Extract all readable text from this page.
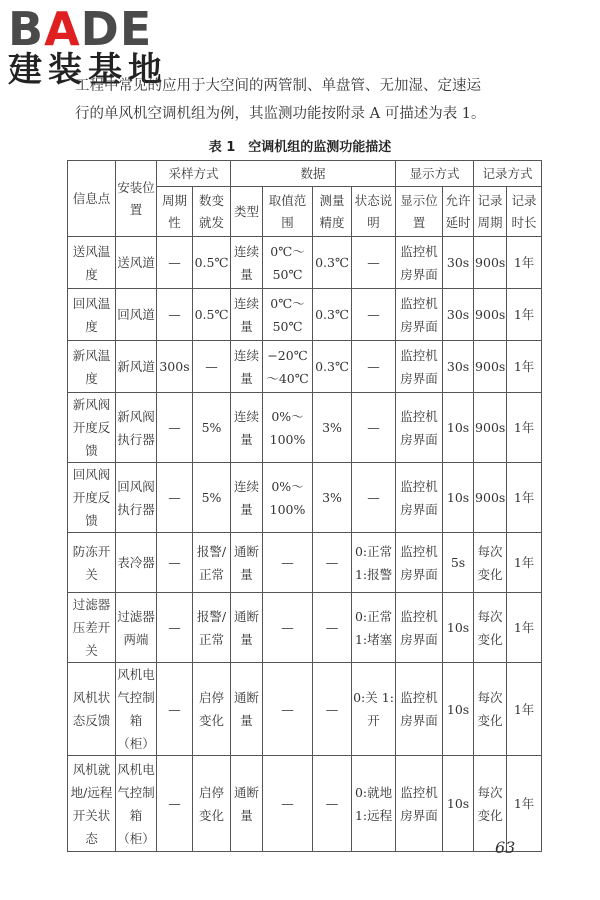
BADE
建装基地
工程中常见的应用于大空间的两管制、单盘管、无加湿、定速运
行的单风机空调机组为例，其监测功能按附录 A 可描述为表 1。
表 1　空调机组的监测功能描述
信息点	安装位置	采样方式		数据				显示方式		记录方式	
		周期性	数变就发	类型	取值范围	测量精度	状态说明	显示位置	允许延时	记录周期	记录时长
送风温度	送风道	—	0.5℃	连续量	0℃～50℃	0.3℃	—	监控机房界面	30s	900s	1年
回风温度	回风道	—	0.5℃	连续量	0℃～50℃	0.3℃	—	监控机房界面	30s	900s	1年
新风温度	新风道	300s	—	连续量	−20℃～40℃	0.3℃	—	监控机房界面	30s	900s	1年
新风阀开度反馈	新风阀执行器	—	5%	连续量	0%～100%	3%	—	监控机房界面	10s	900s	1年
回风阀开度反馈	回风阀执行器	—	5%	连续量	0%～100%	3%	—	监控机房界面	10s	900s	1年
防冻开关	表冷器	—	报警/正常	通断量	—	—	0:正常 1:报警	监控机房界面	5s	每次变化	1年
过滤器压差开关	过滤器两端	—	报警/正常	通断量	—	—	0:正常 1:堵塞	监控机房界面	10s	每次变化	1年
风机状态反馈	风机电气控制箱（柜）	—	启停变化	通断量	—	—	0:关 1:开	监控机房界面	10s	每次变化	1年
风机就地/远程开关状态	风机电气控制箱（柜）	—	启停变化	通断量	—	—	0:就地 1:远程	监控机房界面	10s	每次变化	1年
63
